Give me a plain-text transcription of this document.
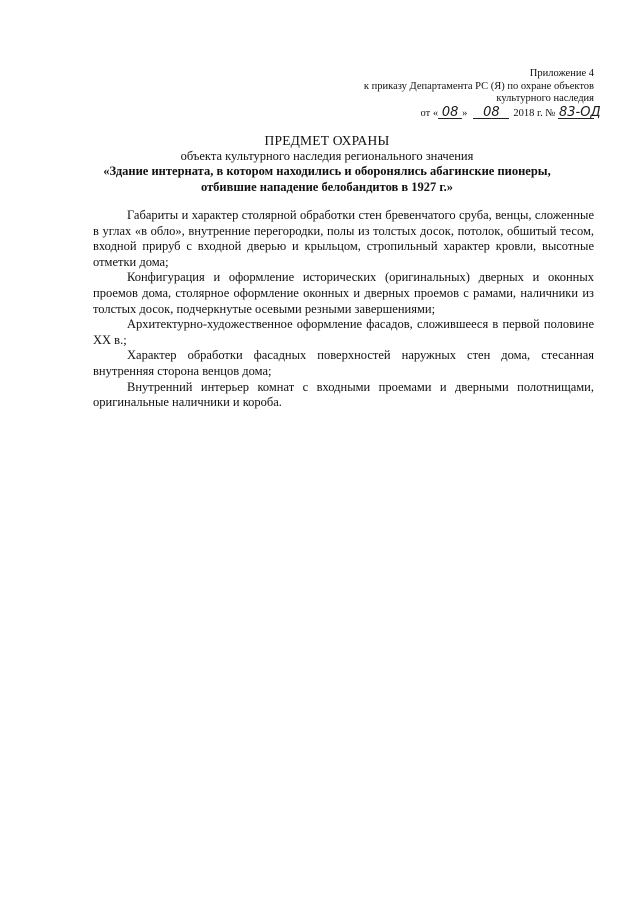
Приложение 4
к приказу Департамента РС (Я) по охране объектов
культурного наследия
от « 08 » 08 2018 г. № 83-ОД
ПРЕДМЕТ ОХРАНЫ
объекта культурного наследия регионального значения
«Здание интерната, в котором находились и оборонялись абагинские пионеры,
отбившие нападение белобандитов в 1927 г.»

Габариты и характер столярной обработки стен бревенчатого сруба, венцы, сложенные в углах «в обло», внутренние перегородки, полы из толстых досок, потолок, обшитый тесом, входной прируб с входной дверью и крыльцом, стропильный характер кровли, высотные отметки дома;

Конфигурация и оформление исторических (оригинальных) дверных и оконных проемов дома, столярное оформление оконных и дверных проемов с рамами, наличники из толстых досок, подчеркнутые осевыми резными завершениями;

Архитектурно-художественное оформление фасадов, сложившееся в первой половине ХХ в.;

Характер обработки фасадных поверхностей наружных стен дома, стесанная внутренняя сторона венцов дома;

Внутренний интерьер комнат с входными проемами и дверными полотнищами, оригинальные наличники и короба.
